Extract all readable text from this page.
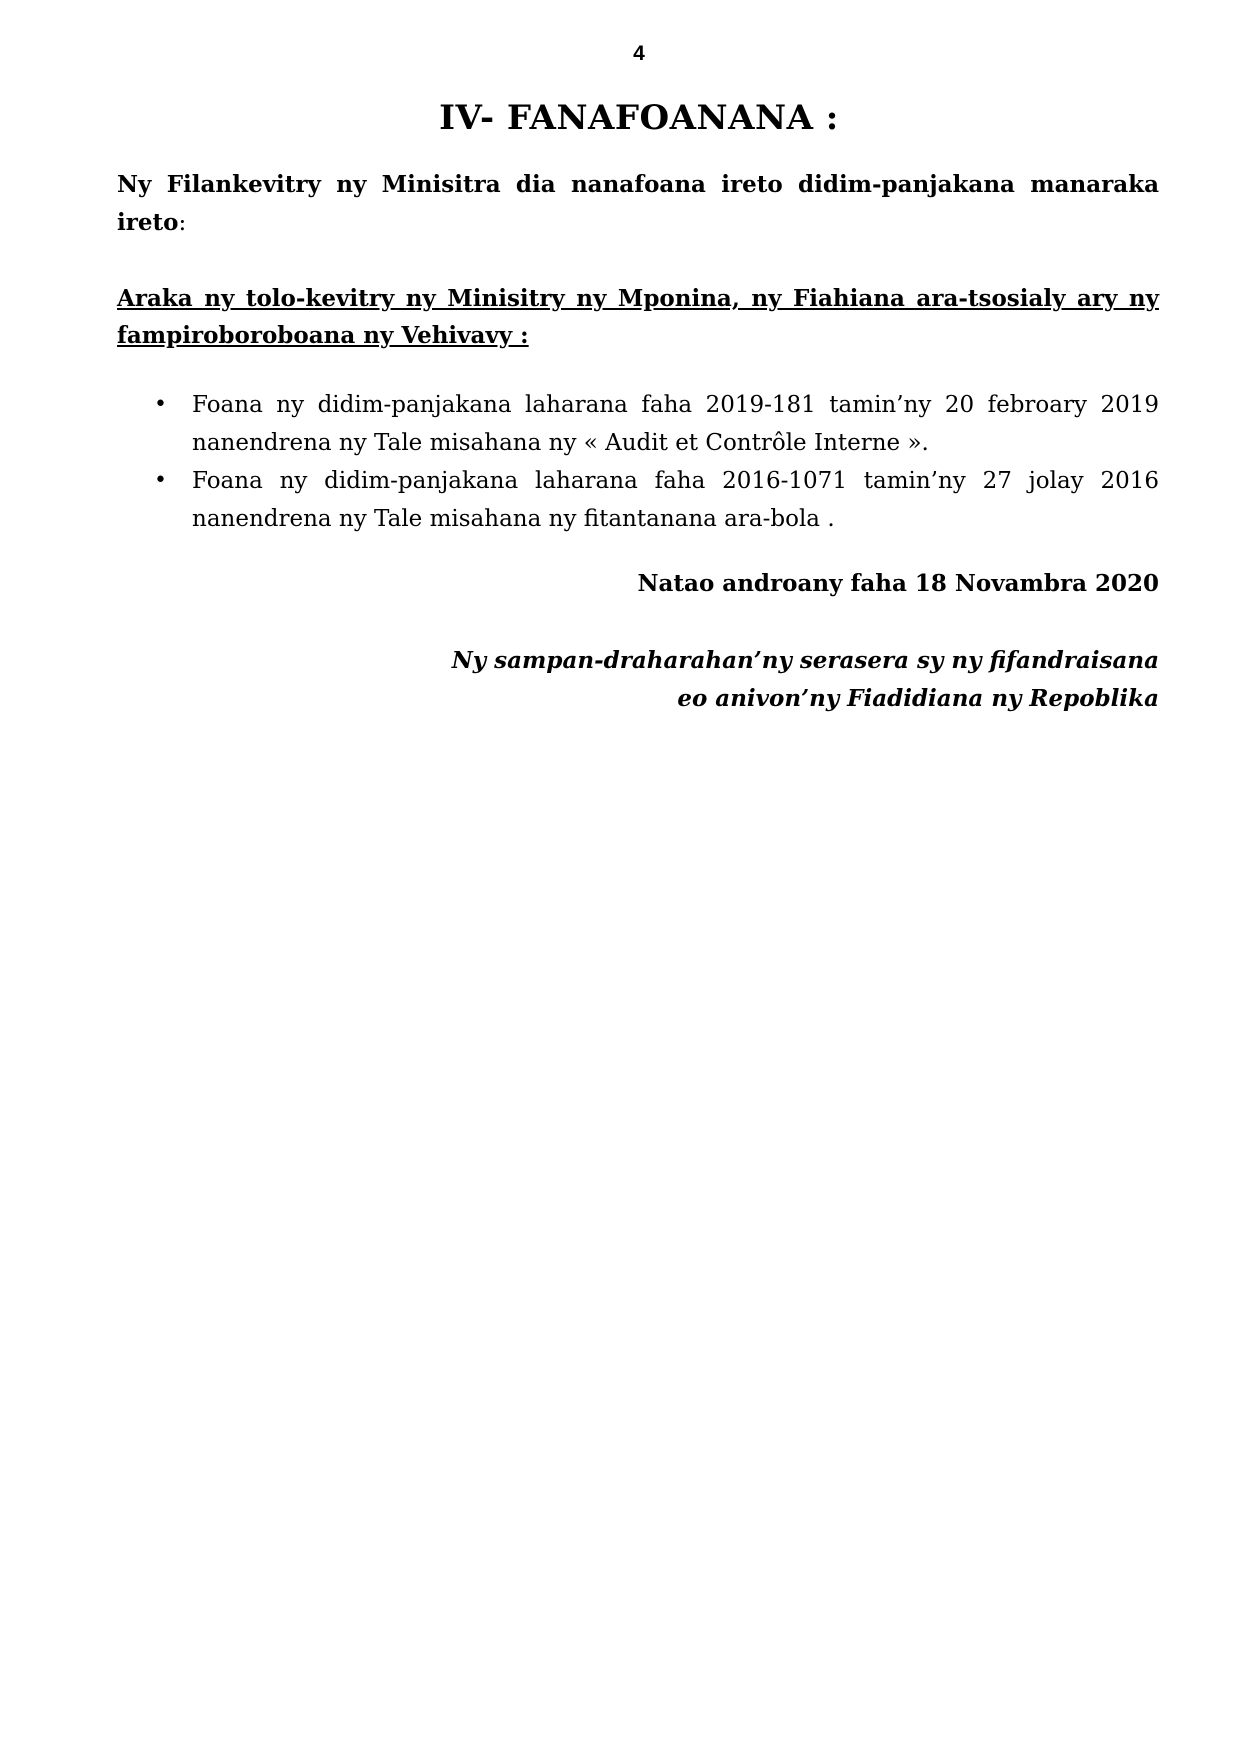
4
IV- FANAFOANANA :

Ny Filankevitry ny Minisitra dia nanafoana ireto didim-panjakana manaraka ireto:

Araka ny tolo-kevitry ny Minisitry ny Mponina, ny Fiahiana ara-tsosialy ary ny fampiroboroboana ny Vehivavy :

• Foana ny didim-panjakana laharana faha 2019-181 tamin’ny 20 febroary 2019 nanendrena ny Tale misahana ny « Audit et Contrôle Interne ».
• Foana ny didim-panjakana laharana faha 2016-1071 tamin’ny 27 jolay 2016 nanendrena ny Tale misahana ny fitantanana ara-bola .
Natao androany faha 18 Novambra 2020
Ny sampan-draharahan’ny serasera sy ny fifandraisana
eo anivon’ny Fiadidiana ny Repoblika
